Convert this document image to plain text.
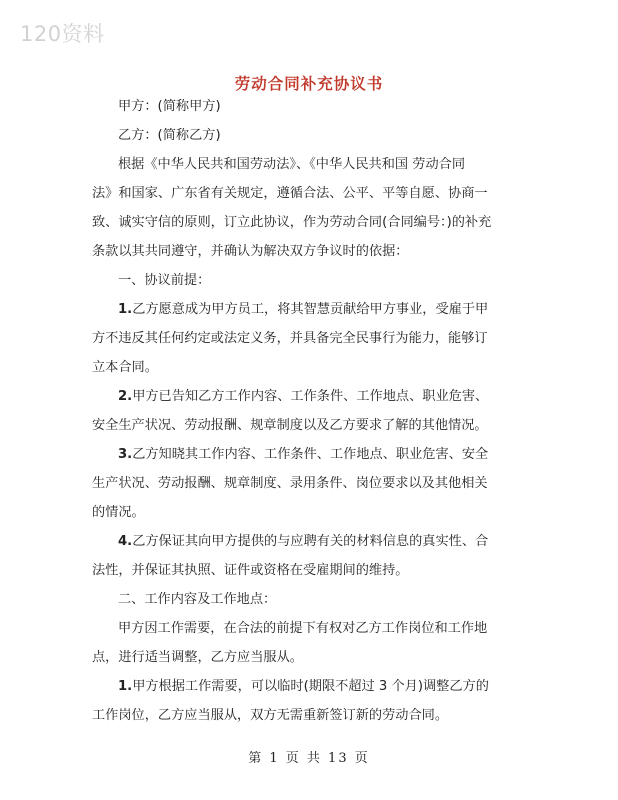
120资料
劳动合同补充协议书
甲方：(简称甲方)
乙方：(简称乙方)
根据《中华人民共和国劳动法》、《中华人民共和国 劳动合同
法》和国家、广东省有关规定，遵循合法、公平、平等自愿、协商一
致、诚实守信的原则，订立此协议，作为劳动合同(合同编号：)的补充
条款以其共同遵守，并确认为解决双方争议时的依据：
一、协议前提：
1.乙方愿意成为甲方员工，将其智慧贡献给甲方事业，受雇于甲
方不违反其任何约定或法定义务，并具备完全民事行为能力，能够订
立本合同。
2.甲方已告知乙方工作内容、工作条件、工作地点、职业危害、
安全生产状况、劳动报酬、规章制度以及乙方要求了解的其他情况。
3.乙方知晓其工作内容、工作条件、工作地点、职业危害、安全
生产状况、劳动报酬、规章制度、录用条件、岗位要求以及其他相关
的情况。
4.乙方保证其向甲方提供的与应聘有关的材料信息的真实性、合
法性，并保证其执照、证件或资格在受雇期间的维持。
二、工作内容及工作地点：
甲方因工作需要，在合法的前提下有权对乙方工作岗位和工作地
点，进行适当调整，乙方应当服从。
1.甲方根据工作需要，可以临时(期限不超过 3 个月)调整乙方的
工作岗位，乙方应当服从，双方无需重新签订新的劳动合同。
第 1 页 共 13 页
